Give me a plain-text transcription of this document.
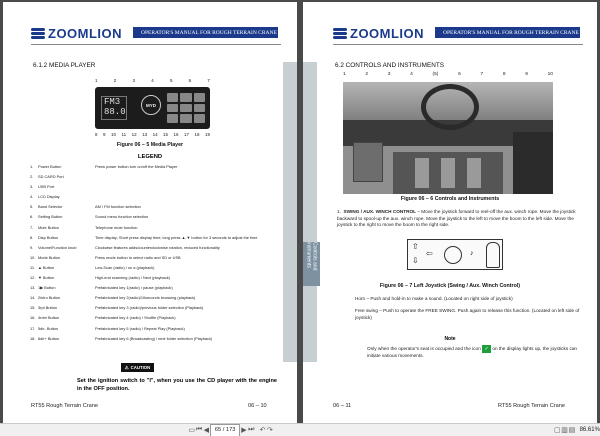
ZOOMLION	OPERATOR'S MANUAL FOR ROUGH TERRAIN CRANE
6.1.2 MEDIA PLAYER
1	2	3	4	5	6	7
FM3
88.0
MYD
8 9 10 11 12 13 14 15 16 17 18 19
Figure 06 – 5 Media Player
LEGEND
1.	Power Button	Press power button turn on/off the Media Player
2.	SD CARD Port
3.	USB Port
4.	LCD Display
5.	Band Selector	AM / FM function selection
6.	Setting Button	Sound menu function selection
7.	Mute Button	Telephone mute function
8.	Disp Button	Time display; Short press display time; long press ▲,▼ button for 3 seconds to adjust the time
9.	Volume/Function knob	Clockwise features adds/counterclockwise rotation, reduced functionality
10. Mode Button	Press mode button to select radio and SD or USB
11. ▲ Button	Low-Scan (radio) / on a (playback)
12. ▼ Button	High-end scanning (radio) / Next (playback)
13. 1▶ Button	Prefabricated key 1(radio) / pause (playback)
14. 2intro Button	Prefabricated key 2(radio)/10seconds browsing (playback)
15. 3rpt Button	Prefabricated key 3 (radio)/previous folder selection (Playback)
16. 4rdm Button	Prefabricated key 4 (radio) / Shuffle (Playback)
17. 5dir- Button	Prefabricated key 5 (radio) / Repeat Play (Playback)
18. 6dir+ Button	Prefabricated key 6 (Broadcasting) / next folder selection (Playback)
⚠ CAUTION
Set the ignition switch to "I", when you use the CD player with the engine in the OFF position.
RT55 Rough Terrain Crane	06 – 10
Controls and instruments
ZOOMLION	OPERATOR'S MANUAL FOR ROUGH TERRAIN CRANE
6.2 CONTROLS AND INSTRUMENTS
1	2	3	4	(5)	6	7	8	9	10
Figure 06 – 6 Controls and Instruments
1. SWING / AUX. WINCH CONTROL – Move the joystick forward to reel-off the aux. winch rope. Move the joystick backward to spool-up the aux. winch rope. Move the joystick to the left to move the boom to the left side. Move the joystick to the right to move the boom to the right side.
⇧
⇩
⇦	♪
Figure 06 – 7 Left Joystick (Swing / Aux. Winch Control)
Horn – Push and hold-in to make a sound. (Located on right side of joystick)
Free swing – Push to operate the FREE SWING. Push again to release this function. (Located on left side of joystick)
Note
Only when the operator's seat is occupied and the icon ✓ on the display lights up, the joysticks can initiate various movements.
06 – 11	RT55 Rough Terrain Crane
▭ ⏮ ◀	65 / 173 ▶ ⏭ ↶ ↷	▢ ▥ ▤ 86.61%
